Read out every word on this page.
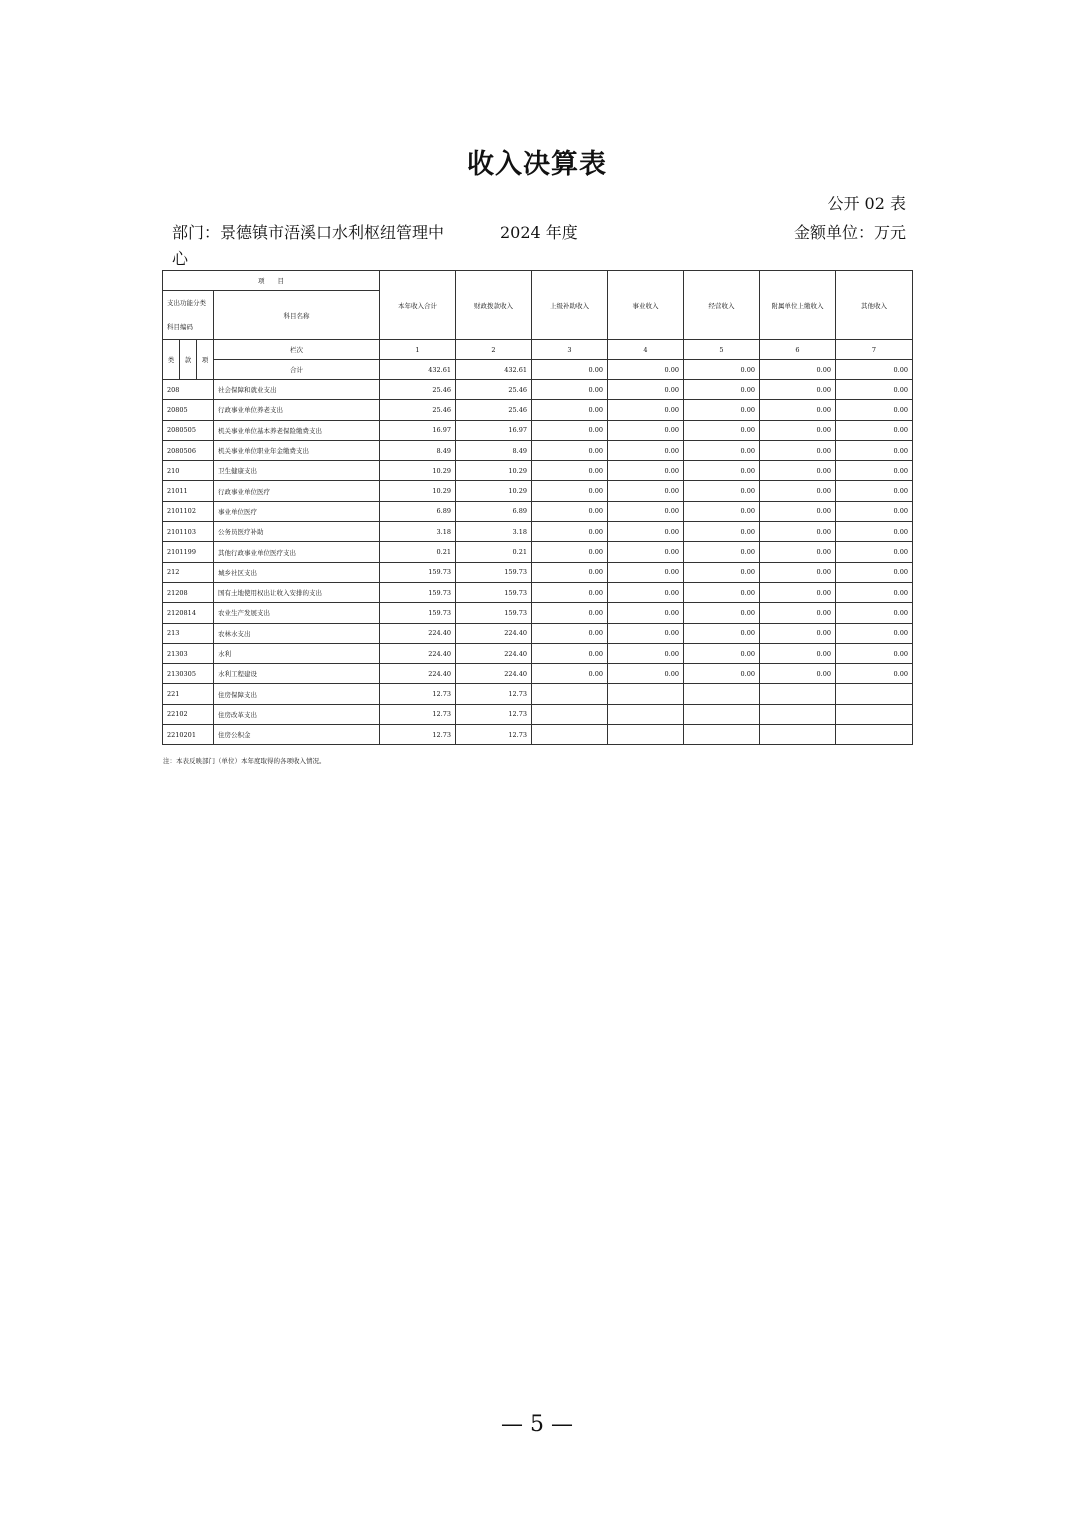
收入决算表
公开 02 表
部门：景德镇市浯溪口水利枢纽管理中心
2024 年度	金额单位：万元
项　　目				本年收入合计	财政拨款收入	上级补助收入	事业收入	经营收入	附属单位上缴收入	其他收入
支出功能分类科目编码			科目名称							

类	款	项	栏次	1	2	3	4	5	6	7
			合计	432.61	432.61	0.00	0.00	0.00	0.00	0.00
208			社会保障和就业支出	25.46	25.46	0.00	0.00	0.00	0.00	0.00
20805			行政事业单位养老支出	25.46	25.46	0.00	0.00	0.00	0.00	0.00
2080505			机关事业单位基本养老保险缴费支出	16.97	16.97	0.00	0.00	0.00	0.00	0.00
2080506			机关事业单位职业年金缴费支出	8.49	8.49	0.00	0.00	0.00	0.00	0.00
210			卫生健康支出	10.29	10.29	0.00	0.00	0.00	0.00	0.00
21011			行政事业单位医疗	10.29	10.29	0.00	0.00	0.00	0.00	0.00
2101102			事业单位医疗	6.89	6.89	0.00	0.00	0.00	0.00	0.00
2101103			公务员医疗补助	3.18	3.18	0.00	0.00	0.00	0.00	0.00
2101199			其他行政事业单位医疗支出	0.21	0.21	0.00	0.00	0.00	0.00	0.00
212			城乡社区支出	159.73	159.73	0.00	0.00	0.00	0.00	0.00
21208			国有土地使用权出让收入安排的支出	159.73	159.73	0.00	0.00	0.00	0.00	0.00
2120814			农业生产发展支出	159.73	159.73	0.00	0.00	0.00	0.00	0.00
213			农林水支出	224.40	224.40	0.00	0.00	0.00	0.00	0.00
21303			水利	224.40	224.40	0.00	0.00	0.00	0.00	0.00
2130305			水利工程建设	224.40	224.40	0.00	0.00	0.00	0.00	0.00
221			住房保障支出	12.73	12.73					
22102			住房改革支出	12.73	12.73					
2210201			住房公积金	12.73	12.73					
注：本表反映部门（单位）本年度取得的各项收入情况。
— 5 —
